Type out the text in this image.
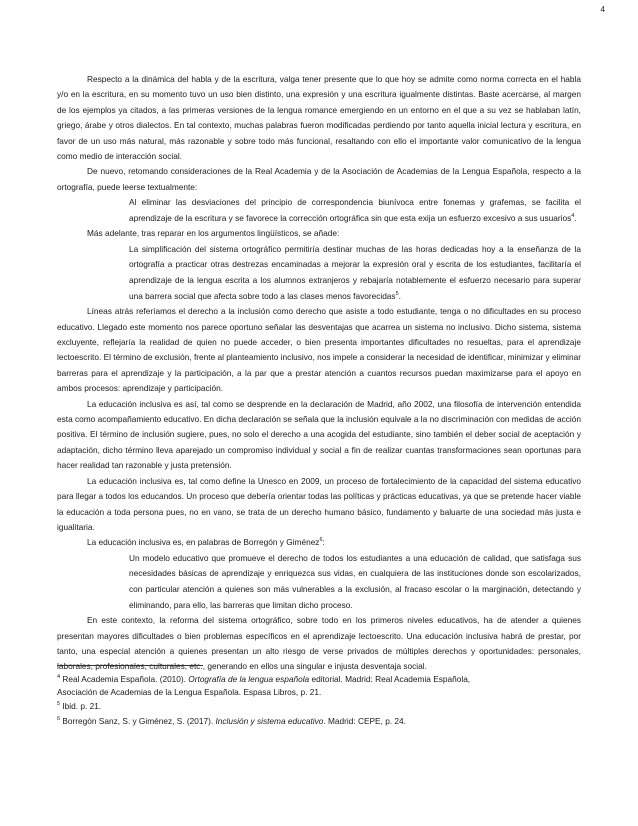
4

Respecto a la dinámica del habla y de la escritura, valga tener presente que lo que hoy se admite como norma correcta en el habla y/o en la escritura, en su momento tuvo un uso bien distinto, una expresión y una escritura igualmente distintas. Baste acercarse, al margen de los ejemplos ya citados, a las primeras versiones de la lengua romance emergiendo en un entorno en el que a su vez se hablaban latín, griego, árabe y otros dialectos. En tal contexto, muchas palabras fueron modificadas perdiendo por tanto aquella inicial lectura y escritura, en favor de un uso más natural, más razonable y sobre todo más funcional, resaltando con ello el importante valor comunicativo de la lengua como medio de interacción social.

De nuevo, retomando consideraciones de la Real Academia y de la Asociación de Academias de la Lengua Española, respecto a la ortografía, puede leerse textualmente:

Al eliminar las desviaciones del principio de correspondencia biunívoca entre fonemas y grafemas, se facilita el aprendizaje de la escritura y se favorece la corrección ortográfica sin que esta exija un esfuerzo excesivo a sus usuarios$^4$.

Más adelante, tras reparar en los argumentos lingüísticos, se añade:

La simplificación del sistema ortográfico permitiría destinar muchas de las horas dedicadas hoy a la enseñanza de la ortografía a practicar otras destrezas encaminadas a mejorar la expresión oral y escrita de los estudiantes, facilitaría el aprendizaje de la lengua escrita a los alumnos extranjeros y rebajaría notablemente el esfuerzo necesario para superar una barrera social que afecta sobre todo a las clases menos favorecidas$^5$.

Líneas atrás referíamos el derecho a la inclusión como derecho que asiste a todo estudiante, tenga o no dificultades en su proceso educativo. Llegado este momento nos parece oportuno señalar las desventajas que acarrea un sistema no inclusivo. Dicho sistema, sistema excluyente, reflejaría la realidad de quien no puede acceder, o bien presenta importantes dificultades no resueltas, para el aprendizaje lectoescrito. El término de exclusión, frente al planteamiento inclusivo, nos impele a considerar la necesidad de identificar, minimizar y eliminar barreras para el aprendizaje y la participación, a la par que a prestar atención a cuantos recursos puedan maximizarse para el apoyo en ambos procesos: aprendizaje y participación.

La educación inclusiva es así, tal como se desprende en la declaración de Madrid, año 2002, una filosofía de intervención entendida esta como acompañamiento educativo. En dicha declaración se señala que la inclusión equivale a la no discriminación con medidas de acción positiva. El término de inclusión sugiere, pues, no solo el derecho a una acogida del estudiante, sino también el deber social de aceptación y adaptación, dicho término lleva aparejado un compromiso individual y social a fin de realizar cuantas transformaciones sean oportunas para hacer realidad tan razonable y justa pretensión.

La educación inclusiva es, tal como define la Unesco en 2009, un proceso de fortalecimiento de la capacidad del sistema educativo para llegar a todos los educandos. Un proceso que debería orientar todas las políticas y prácticas educativas, ya que se pretende hacer viable la educación a toda persona pues, no en vano, se trata de un derecho humano básico, fundamento y baluarte de una sociedad más justa e igualitaria.

La educación inclusiva es, en palabras de Borregón y Giménez$^6$:

Un modelo educativo que promueve el derecho de todos los estudiantes a una educación de calidad, que satisfaga sus necesidades básicas de aprendizaje y enriquezca sus vidas, en cualquiera de las instituciones donde son escolarizados, con particular atención a quienes son más vulnerables a la exclusión, al fracaso escolar o la marginación, detectando y eliminando, para ello, las barreras que limitan dicho proceso.

En este contexto, la reforma del sistema ortográfico, sobre todo en los primeros niveles educativos, ha de atender a quienes presentan mayores dificultades o bien problemas específicos en el aprendizaje lectoescrito. Una educación inclusiva habrá de prestar, por tanto, una especial atención a quienes presentan un alto riesgo de verse privados de múltiples derechos y oportunidades: personales, laborales, profesionales, culturales, etc., generando en ellos una singular e injusta desventaja social.

$^4$ Real Academia Española. (2010). Ortografía de la lengua española editorial. Madrid: Real Academia Española,

Asociación de Academias de la Lengua Española. Espasa Libros, p. 21.

$^5$ Ibid. p. 21.

$^6$ Borregón Sanz, S. y Giménez, S. (2017). Inclusión y sistema educativo. Madrid: CEPE, p. 24.
